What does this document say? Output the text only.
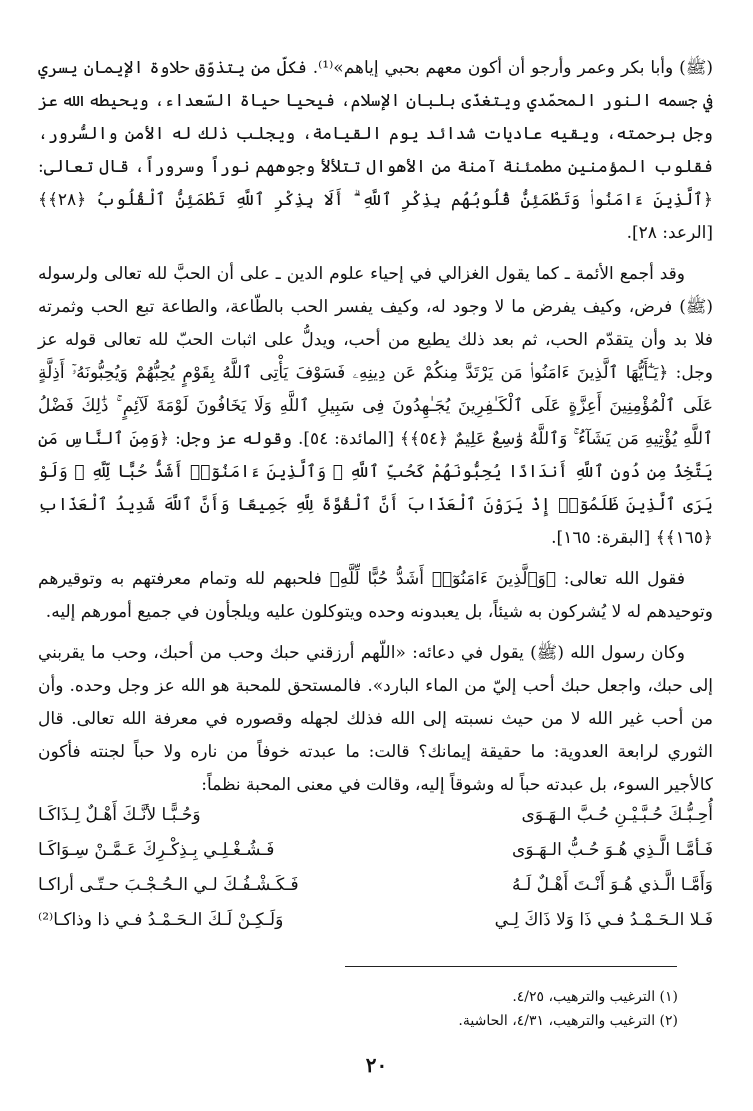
(ﷺ) وأبا بكر وعمر وأرجو أن أكون معهم بحبي إياهم»⁽¹⁾. فكلّ من يتذوّق حلاوة الإيمان يسري في جسمه النور المحمّدي ويتغذّى بلبان الإسلام، فيحيا حياة السّعداء، ويحيطه الله عز وجل برحمته، ويقيه عاديات شدائد يوم القيامة، ويجلب ذلك له الأمن والسُّرور، فقلوب المؤمنين مطمئنة آمنة من الأهوال تتلألأ وجوههم نوراً وسروراً، قال تعالى: ﴿ٱلَّذِينَ ءَامَنُوا۟ وَتَطْمَئِنُّ قُلُوبُهُم بِذِكْرِ ٱللَّهِ ۗ أَلَا بِذِكْرِ ٱللَّهِ تَطْمَئِنُّ ٱلْقُلُوبُ ﴿٢٨﴾﴾ [الرعد: ٢٨].

وقد أجمع الأئمة ـ كما يقول الغزالي في إحياء علوم الدين ـ على أن الحبَّ لله تعالى ولرسوله (ﷺ) فرض، وكيف يفرض ما لا وجود له، وكيف يفسر الحب بالطّاعة، والطاعة تبع الحب وثمرته فلا بد وأن يتقدّم الحب، ثم بعد ذلك يطيع من أحب، ويدلُّ على اثبات الحبّ لله تعالى قوله عز وجل: ﴿يَـٰٓأَيُّهَا ٱلَّذِينَ ءَامَنُوا۟ مَن يَرْتَدَّ مِنكُمْ عَن دِينِهِۦ فَسَوْفَ يَأْتِى ٱللَّهُ بِقَوْمٍ يُحِبُّهُمْ وَيُحِبُّونَهُۥٓ أَذِلَّةٍ عَلَى ٱلْمُؤْمِنِينَ أَعِزَّةٍ عَلَى ٱلْكَـٰفِرِينَ يُجَـٰهِدُونَ فِى سَبِيلِ ٱللَّهِ وَلَا يَخَافُونَ لَوْمَةَ لَآئِمٍ ۚ ذَٰلِكَ فَضْلُ ٱللَّهِ يُؤْتِيهِ مَن يَشَآءُ ۚ وَٱللَّهُ وَٰسِعٌ عَلِيمٌ ﴿٥٤﴾﴾ [المائدة: ٥٤]. وقوله عز وجل: ﴿وَمِنَ ٱلنَّاسِ مَن يَتَّخِذُ مِن دُونِ ٱللَّهِ أَندَادًا يُحِبُّونَهُمْ كَحُبِّ ٱللَّهِ ۖ وَٱلَّذِينَ ءَامَنُوٓا۟ أَشَدُّ حُبًّا لِّلَّهِ ۗ وَلَوْ يَرَى ٱلَّذِينَ ظَلَمُوٓا۟ إِذْ يَرَوْنَ ٱلْعَذَابَ أَنَّ ٱلْقُوَّةَ لِلَّهِ جَمِيعًا وَأَنَّ ٱللَّهَ شَدِيدُ ٱلْعَذَابِ ﴿١٦٥﴾﴾ [البقرة: ١٦٥].

فقول الله تعالى: ﴿وَٱلَّذِينَ ءَامَنُوٓا۟ أَشَدُّ حُبًّا لِّلَّهِ﴾ فلحبهم لله وتمام معرفتهم به وتوقيرهم وتوحيدهم له لا يُشركون به شيئاً، بل يعبدونه وحده ويتوكلون عليه ويلجأون في جميع أمورهم إليه.

وكان رسول الله (ﷺ) يقول في دعائه: «اللّهم أرزقني حبك وحب من أحبك، وحب ما يقربني إلى حبك، واجعل حبك أحب إليّ من الماء البارد». فالمستحق للمحبة هو الله عز وجل وحده. وأن من أحب غير الله لا من حيث نسبته إلى الله فذلك لجهله وقصوره في معرفة الله تعالى. قال الثوري لرابعة العدوية: ما حقيقة إيمانك؟ قالت: ما عبدته خوفاً من ناره ولا حباً لجنته فأكون كالأجير السوء، بل عبدته حباً له وشوقاً إليه، وقالت في معنى المحبة نظماً:

أُحِـبُّـكَ حُـبَّـيْـنِ حُـبَّ الـهَـوَى
وَحُـبًّـا لأنَّـكَ أَهْـلٌ لِـذَاكَـا
فَـأمَّـا الَّـذِي هُـوَ حُـبُّ الـهَـوَى
فَـشُـغْـلِـي بِـذِكْـرِكَ عَـمَّـنْ سِـوَاكَـا
وَأَمَّـا الَّـذي هُـوَ أَنْـتَ أَهْـلٌ لَـهُ
فَـكَـشْـفُـكَ لـي الـحُـجْـبَ حـتّـى أراكـا
فَـلا الـحَـمْـدُ فـي ذَا وَلا ذَاكَ لِـي
وَلَـكِـنْ لَـكَ الـحَـمْـدُ فـي ذا وذاكـا⁽²⁾

(١) الترغيب والترهيب، ٤/٢٥.

(٢) الترغيب والترهيب، ٤/٣١، الحاشية.

٢٠
